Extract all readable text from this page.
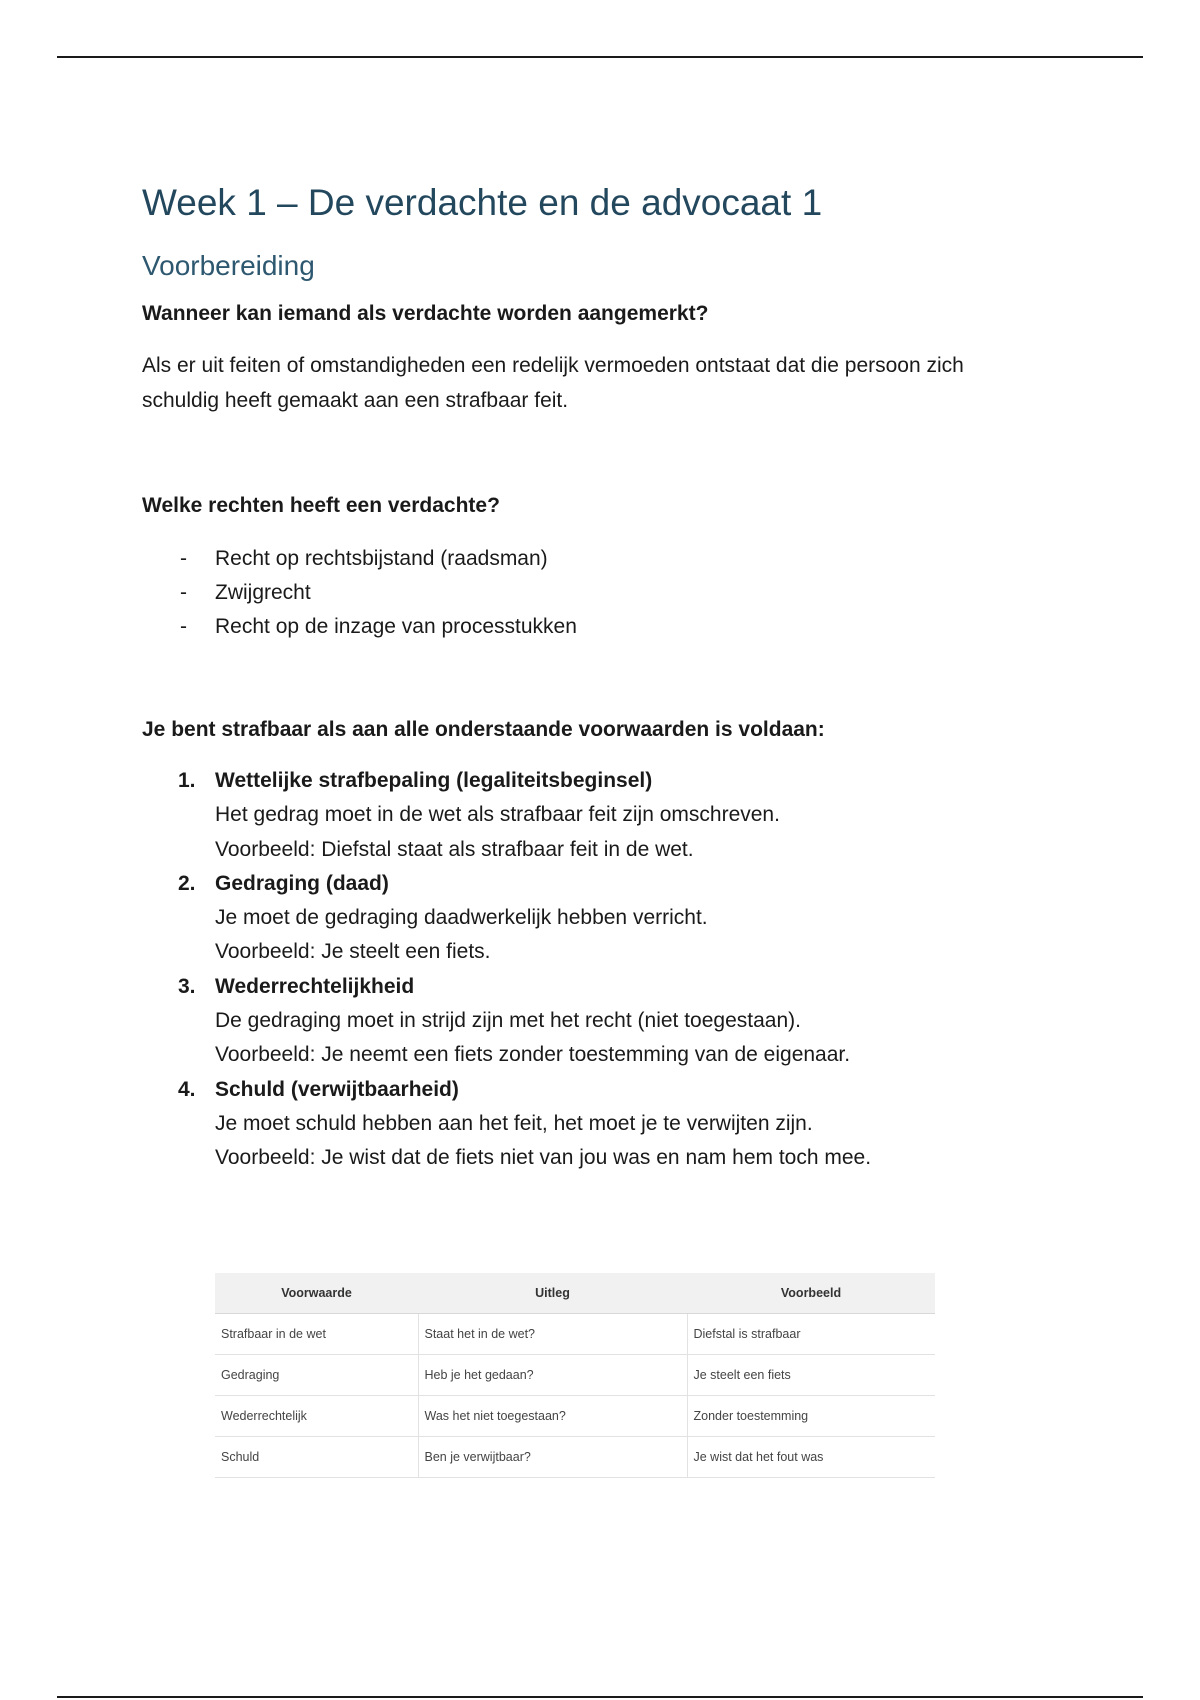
Week 1 – De verdachte en de advocaat 1
Voorbereiding

Wanneer kan iemand als verdachte worden aangemerkt?

Als er uit feiten of omstandigheden een redelijk vermoeden ontstaat dat die persoon zich schuldig heeft gemaakt aan een strafbaar feit.

Welke rechten heeft een verdachte?

- Recht op rechtsbijstand (raadsman)
- Zwijgrecht
- Recht op de inzage van processtukken

Je bent strafbaar als aan alle onderstaande voorwaarden is voldaan:

1. Wettelijke strafbepaling (legaliteitsbeginsel)
Het gedrag moet in de wet als strafbaar feit zijn omschreven.
Voorbeeld: Diefstal staat als strafbaar feit in de wet.
2. Gedraging (daad)
Je moet de gedraging daadwerkelijk hebben verricht.
Voorbeeld: Je steelt een fiets.
3. Wederrechtelijkheid
De gedraging moet in strijd zijn met het recht (niet toegestaan).
Voorbeeld: Je neemt een fiets zonder toestemming van de eigenaar.
4. Schuld (verwijtbaarheid)
Je moet schuld hebben aan het feit, het moet je te verwijten zijn.
Voorbeeld: Je wist dat de fiets niet van jou was en nam hem toch mee.
Voorwaarde	Uitleg	Voorbeeld
Strafbaar in de wet	Staat het in de wet?	Diefstal is strafbaar
Gedraging	Heb je het gedaan?	Je steelt een fiets
Wederrechtelijk	Was het niet toegestaan?	Zonder toestemming
Schuld	Ben je verwijtbaar?	Je wist dat het fout was
